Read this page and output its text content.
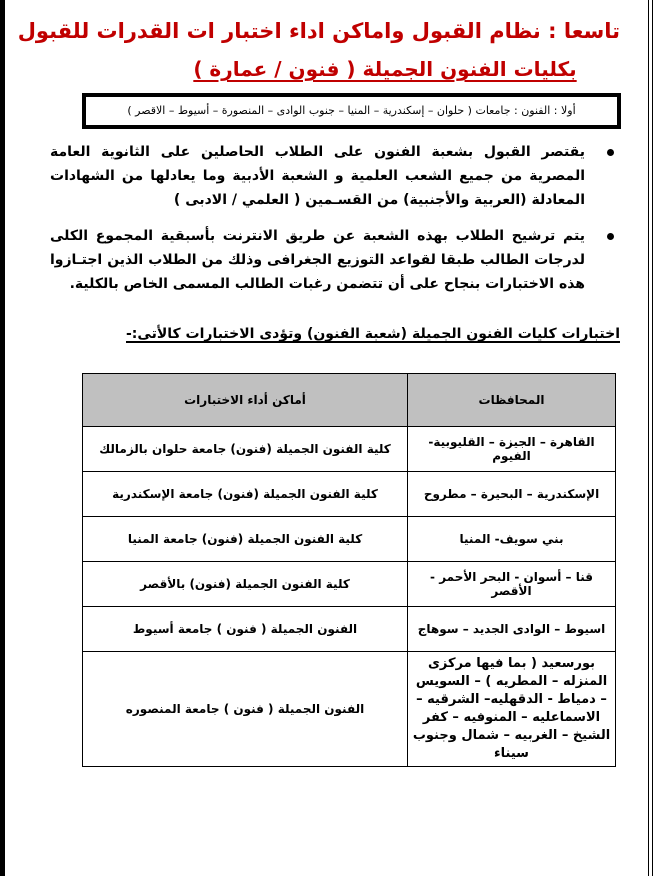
تاسعا : نظام القبول واماكن اداء اختبار ات القدرات للقبول
بكليات الفنون الجميلة ( فنون / عمارة )
أولا : الفنون : جامعات ( حلوان – إسكندرية – المنيا – جنوب الوادى – المنصورة – أسيوط – الاقصر )

يقتصر القبول بشعبة الفنون على الطلاب الحاصلين على الثانوية العامة المصرية من جميع الشعب العلمية و الشعبة الأدبية وما يعادلها من الشهادات المعادلة (العربية والأجنبية) من القسـمين ( العلمي / الادبى )

يتم ترشيح الطلاب بهذه الشعبة عن طريق الانترنت بأسبقية المجموع الكلى لدرجات الطالب طبقا لقواعد التوزيع الجغرافى وذلك من الطلاب الذين اجتـازوا هذه الاختبارات بنجاح على أن تتضمن رغبات الطالب المسمى الخاص بالكلية.

اختبارات كليات الفنون الجميلة (شعبة الفنون) وتؤدى الاختبارات كالأتى:-
المحافظات	أماكن أداء الاختبارات
القاهرة – الجيزة – القليوبية-الفيوم	كلية الفنون الجميلة (فنون) جامعة حلوان بالزمالك
الإسكندرية – البحيرة – مطروح	كلية الفنون الجميلة (فنون) جامعة الإسكندرية
بني سويف- المنيا	كلية الفنون الجميلة (فنون) جامعة المنيا
قنا – أسوان - البحر الأحمر - الأقصر	كلية الفنون الجميلة (فنون) بالأقصر
اسيوط – الوادى الجديد – سوهاج	الفنون الجميلة ( فنون ) جامعة أسيوط
بورسعيد ( بما فيها مركزى المنزله – المطريه ) – السويس – دمياط - الدقهليه– الشرقيه – الاسماعليه – المنوفيه – كفر الشيخ – الغربيه – شمال وجنوب سيناء	الفنون الجميلة ( فنون ) جامعة المنصوره
